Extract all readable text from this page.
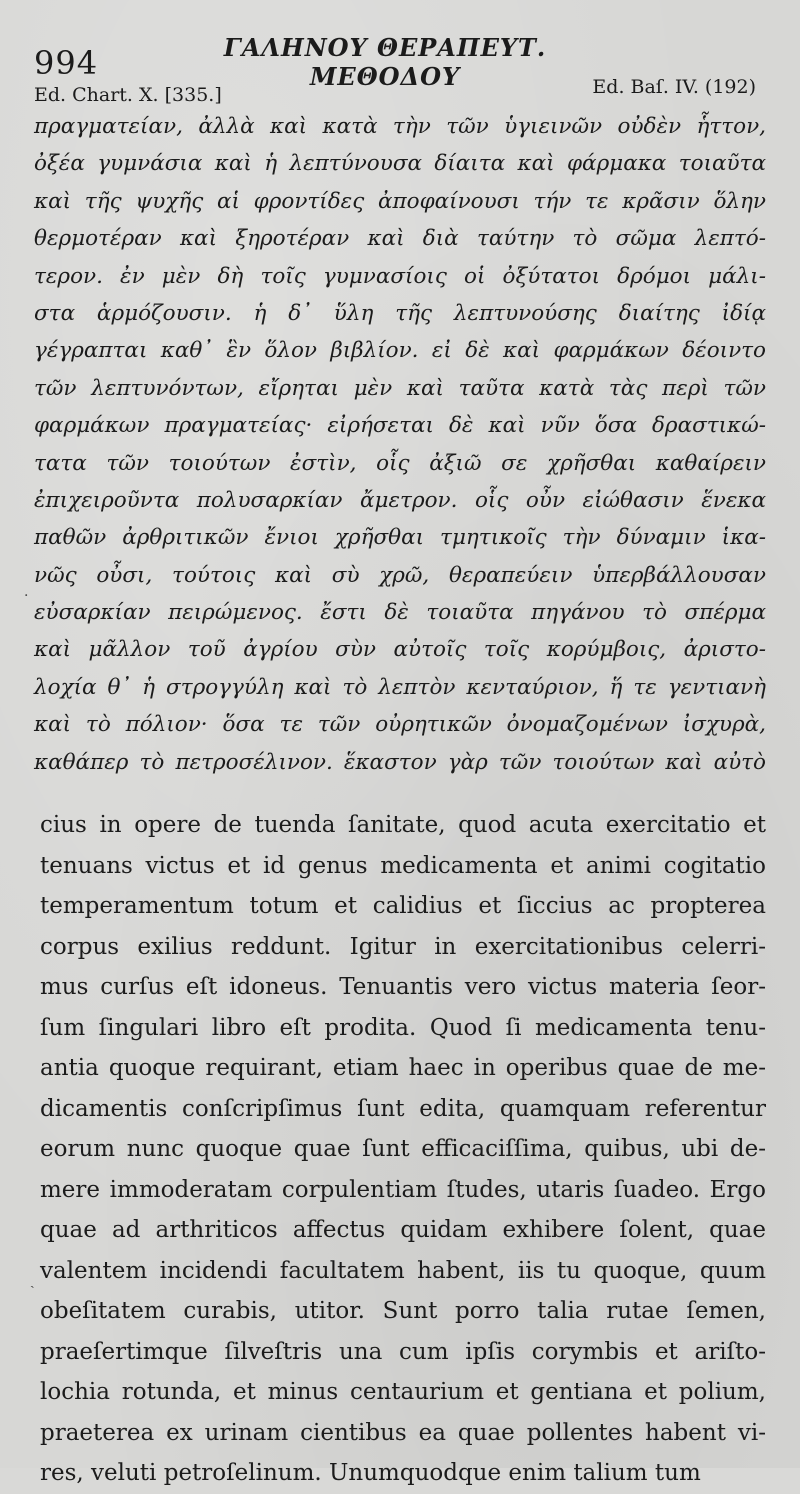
994	ΓΑΛΗΝΟΥ ΘΕΡΑΠΕΥΤ. ΜΕΘΟΔΟΥ
Ed. Chart. X. [335.]	Ed. Baſ. IV. (192)
πραγματείαν, ἀλλὰ καὶ κατὰ τὴν τῶν ὑγιεινῶν οὐδὲν ἧττον,
ὀξέα γυμνάσια καὶ ἡ λεπτύνουσα δίαιτα καὶ φάρμακα τοιαῦτα
καὶ τῆς ψυχῆς αἱ φροντίδες ἀποφαίνουσι τήν τε κρᾶσιν ὅλην
θερμοτέραν καὶ ξηροτέραν καὶ διὰ ταύτην τὸ σῶμα λεπτό-
τερον. ἐν μὲν δὴ τοῖς γυμνασίοις οἱ ὀξύτατοι δρόμοι μάλι-
στα ἁρμόζουσιν. ἡ δ᾽ ὕλη τῆς λεπτυνούσης διαίτης ἰδίᾳ
γέγραπται καθ᾽ ἓν ὅλον βιβλίον. εἰ δὲ καὶ φαρμάκων δέοιντο
τῶν λεπτυνόντων, εἴρηται μὲν καὶ ταῦτα κατὰ τὰς περὶ τῶν
φαρμάκων πραγματείας· εἰρήσεται δὲ καὶ νῦν ὅσα δραστικώ-
τατα τῶν τοιούτων ἐστὶν, οἷς ἀξιῶ σε χρῆσθαι καθαίρειν
ἐπιχειροῦντα πολυσαρκίαν ἄμετρον. οἷς οὖν εἰώθασιν ἕνεκα
παθῶν ἀρθριτικῶν ἔνιοι χρῆσθαι τμητικοῖς τὴν δύναμιν ἱκα-
νῶς οὖσι, τούτοις καὶ σὺ χρῶ, θεραπεύειν ὑπερβάλλουσαν
εὐσαρκίαν πειρώμενος. ἔστι δὲ τοιαῦτα πηγάνου τὸ σπέρμα
καὶ μᾶλλον τοῦ ἀγρίου σὺν αὐτοῖς τοῖς κορύμβοις, ἀριστο-
λοχία θ᾽ ἡ στρογγύλη καὶ τὸ λεπτὸν κενταύριον, ἥ τε γεντιανὴ
καὶ τὸ πόλιον· ὅσα τε τῶν οὐρητικῶν ὀνομαζομένων ἰσχυρὰ,
καθάπερ τὸ πετροσέλινον. ἕκαστον γὰρ τῶν τοιούτων καὶ αὐτὸ
cius in opere de tuenda ſanitate, quod acuta exercitatio et
tenuans victus et id genus medicamenta et animi cogitatio
temperamentum totum et calidius et ſiccius ac propterea
corpus exilius reddunt. Igitur in exercitationibus celerri-
mus curſus eſt idoneus. Tenuantis vero victus materia ſeor-
ſum ſingulari libro eſt prodita. Quod ſi medicamenta tenu-
antia quoque requirant, etiam haec in operibus quae de me-
dicamentis conſcripſimus ſunt edita, quamquam referentur
eorum nunc quoque quae ſunt efficaciſſima, quibus, ubi de-
mere immoderatam corpulentiam ſtudes, utaris ſuadeo. Ergo
quae ad arthriticos affectus quidam exhibere ſolent, quae
valentem incidendi facultatem habent, iis tu quoque, quum
obeſitatem curabis, utitor. Sunt porro talia rutae ſemen,
praeſertimque ſilveſtris una cum ipſis corymbis et ariſto-
lochia rotunda, et minus centaurium et gentiana et polium,
praeterea ex urinam cientibus ea quae pollentes habent vi-
res, veluti petroſelinum. Unumquodque enim talium tum
·
ˎ
